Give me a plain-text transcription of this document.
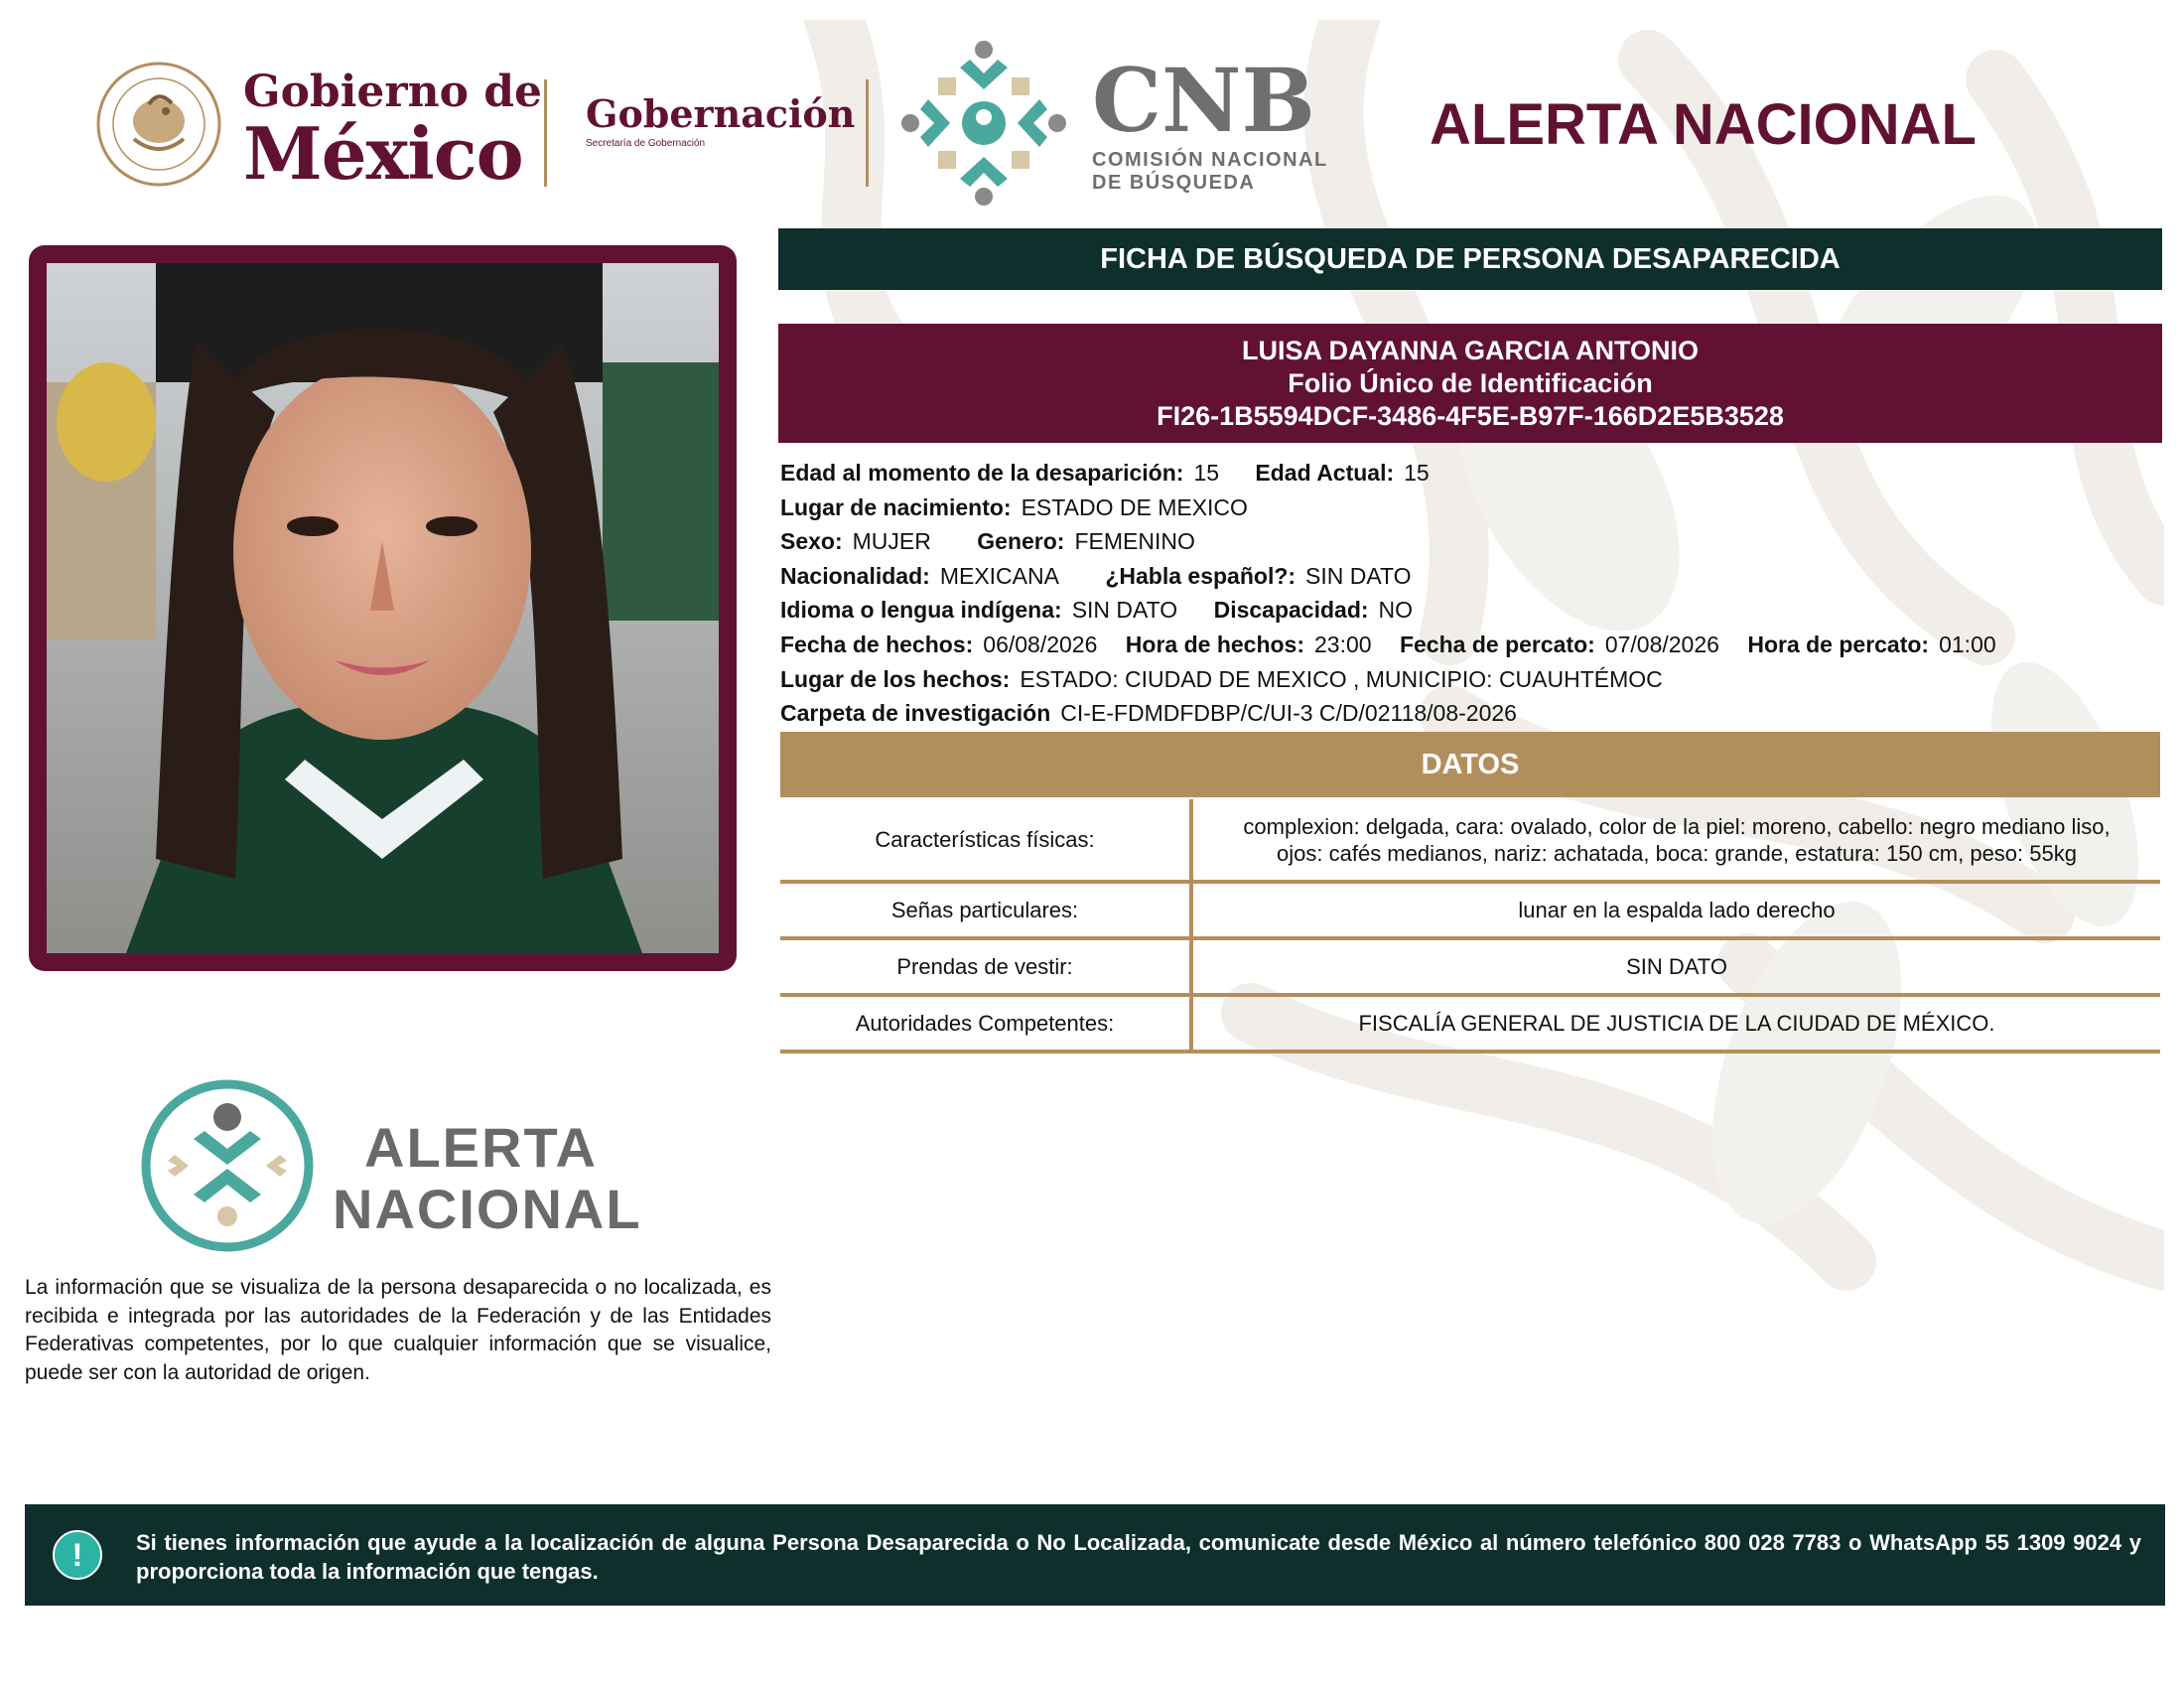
Gobierno de
México	Gobernación
Secretaría de Gobernación	CNB
COMISIÓN NACIONAL
DE BÚSQUEDA
ALERTA NACIONAL
FICHA DE BÚSQUEDA DE PERSONA DESAPARECIDA
LUISA DAYANNA GARCIA ANTONIO
Folio Único de Identificación
FI26-1B5594DCF-3486-4F5E-B97F-166D2E5B3528
Edad al momento de la desaparición: 15 Edad Actual: 15
Lugar de nacimiento: ESTADO DE MEXICO
Sexo: MUJER Genero: FEMENINO
Nacionalidad: MEXICANA ¿Habla español?: SIN DATO
Idioma o lengua indígena: SIN DATO Discapacidad: NO
Fecha de hechos: 06/08/2026 Hora de hechos: 23:00 Fecha de percato: 07/08/2026 Hora de percato: 01:00
Lugar de los hechos: ESTADO: CIUDAD DE MEXICO , MUNICIPIO: CUAUHTÉMOC
Carpeta de investigación CI-E-FDMDFDBP/C/UI-3 C/D/02118/08-2026
DATOS
Características físicas:	complexion: delgada, cara: ovalado, color de la piel: moreno, cabello: negro mediano liso,
ojos: cafés medianos, nariz: achatada, boca: grande, estatura: 150 cm, peso: 55kg

Señas particulares:	lunar en la espalda lado derecho
Prendas de vestir:	SIN DATO
Autoridades Competentes:	FISCALÍA GENERAL DE JUSTICIA DE LA CIUDAD DE MÉXICO.
ALERTA
NACIONAL
La información que se visualiza de la persona desaparecida o no localizada, es recibida e integrada por las autoridades de la Federación y de las Entidades Federativas competentes, por lo que cualquier información que se visualice, puede ser con la autoridad de origen.
!	Si tienes información que ayude a la localización de alguna Persona Desaparecida o No Localizada, comunicate desde México al número telefónico 800 028 7783 o WhatsApp 55 1309 9024 y proporciona toda la información que tengas.
